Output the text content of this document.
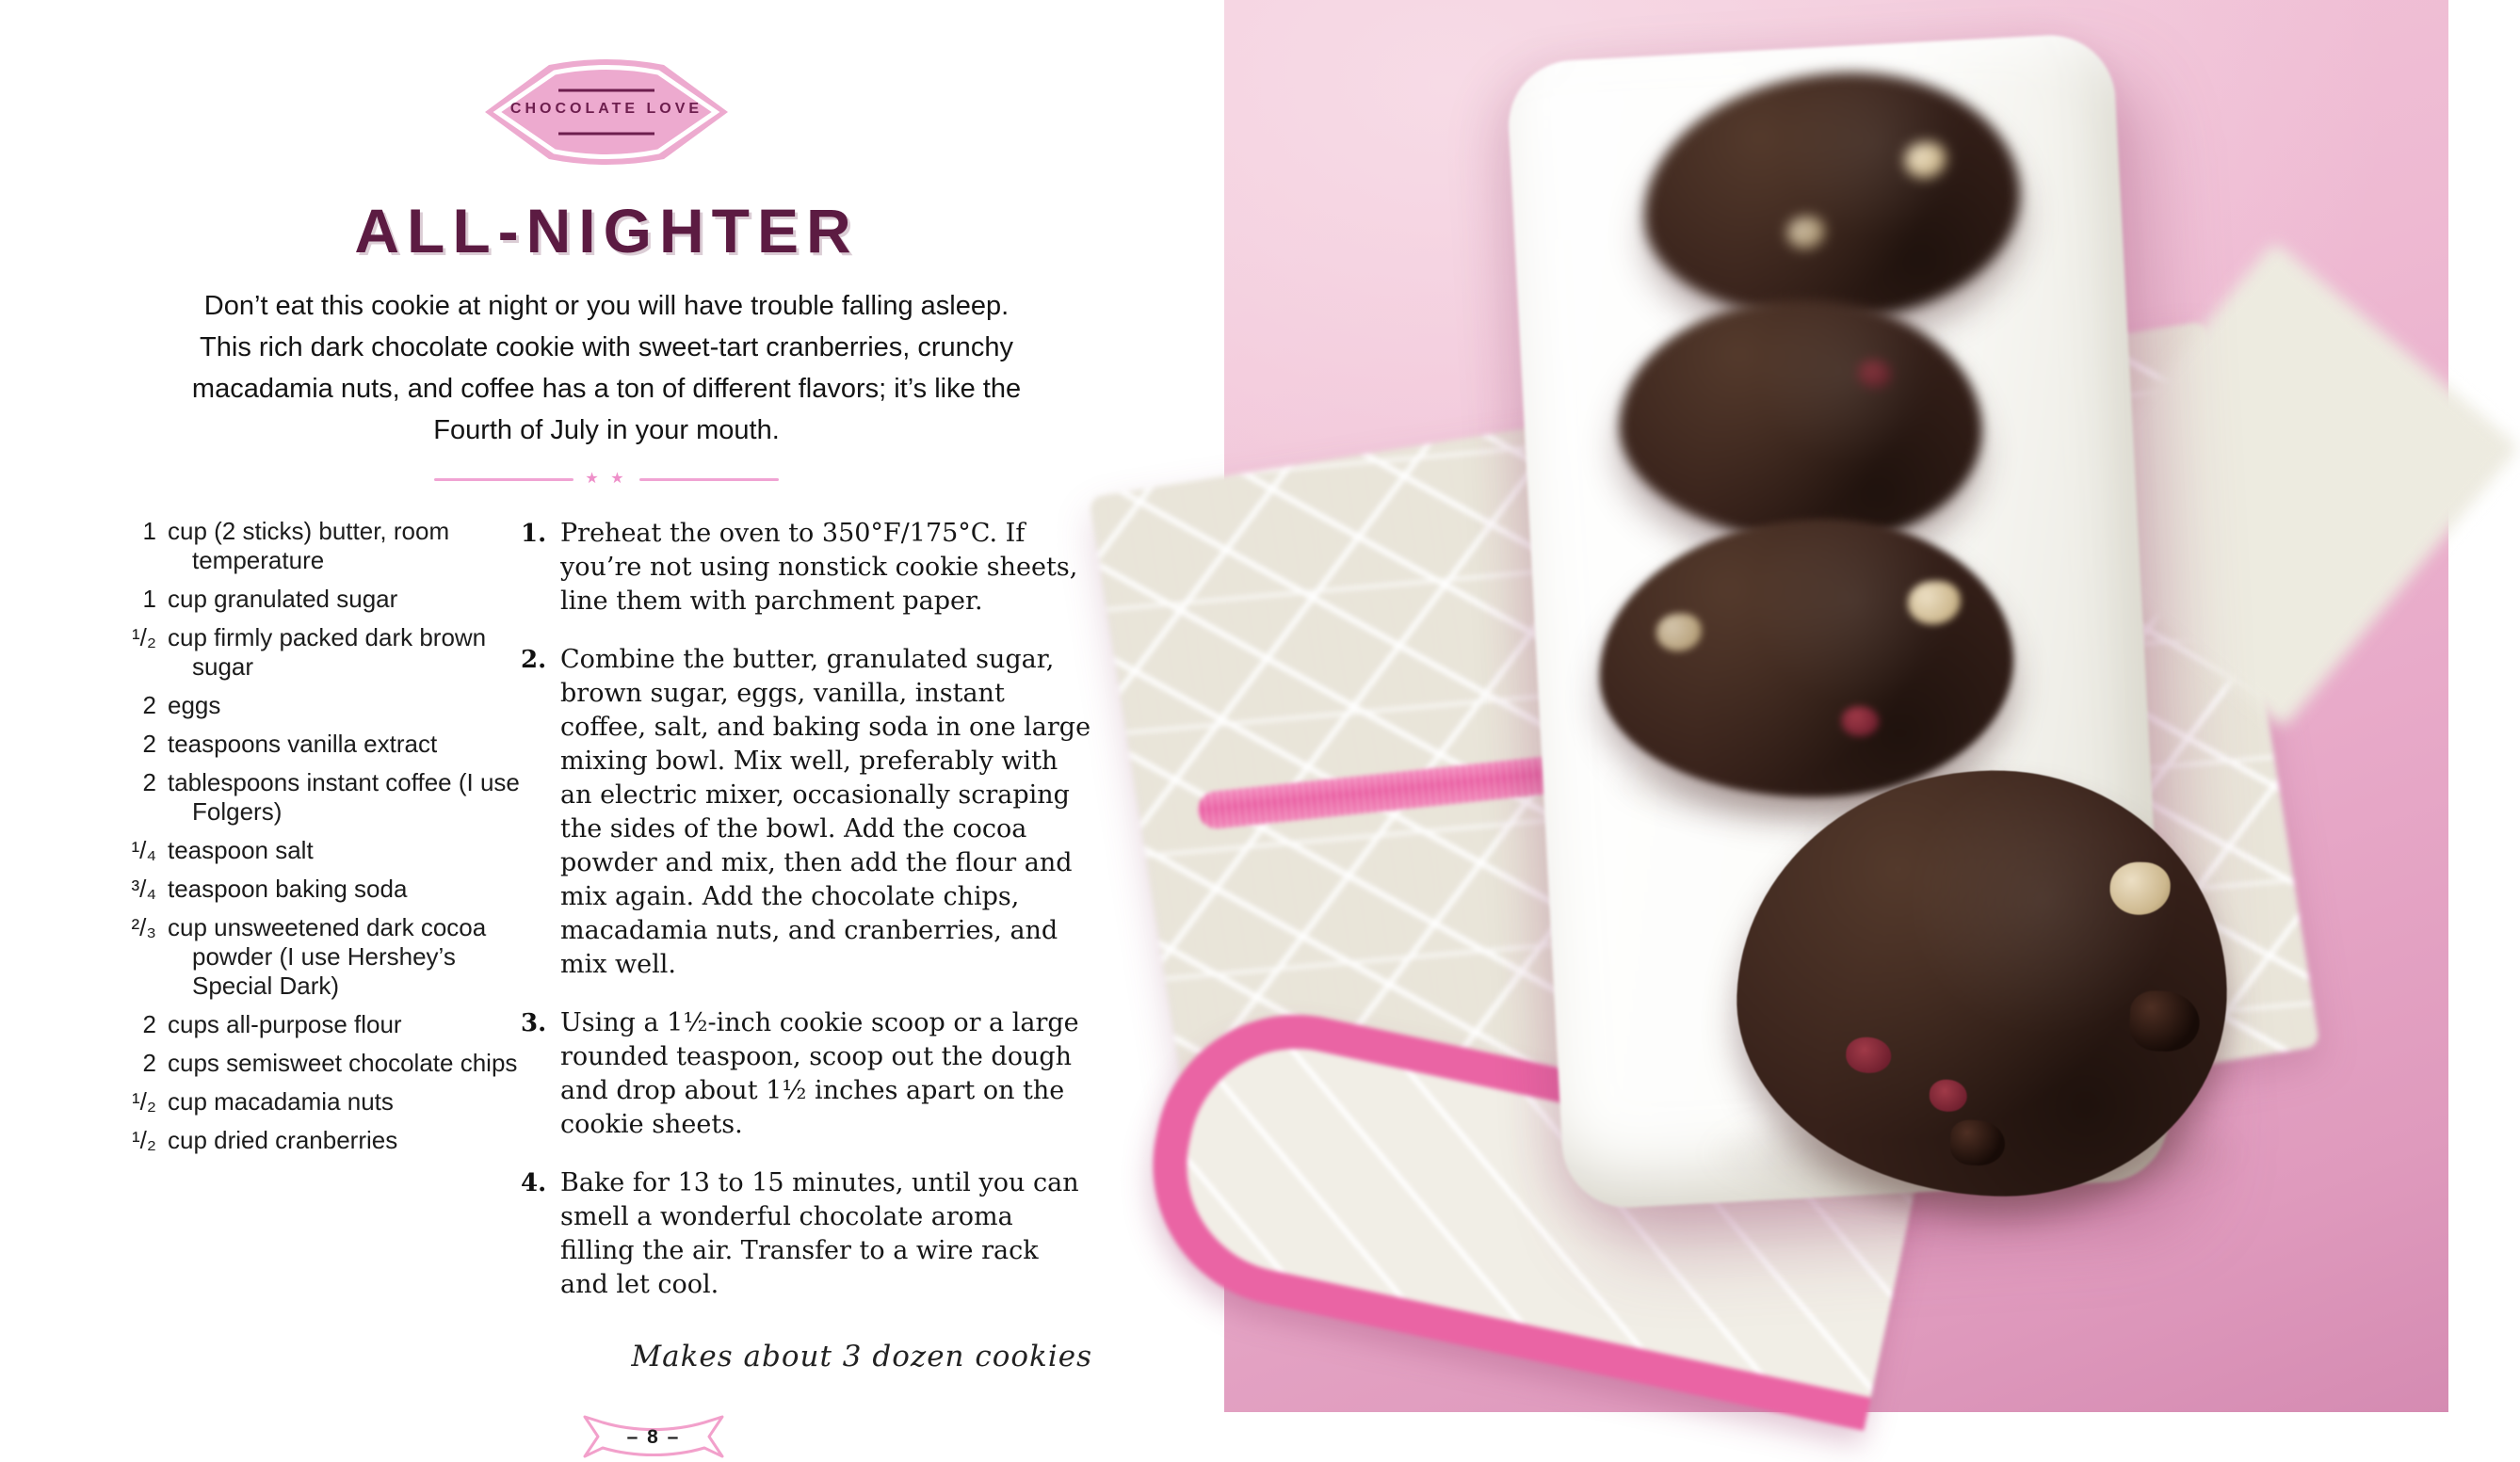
CHOCOLATE LOVE
ALL-NIGHTER
Don’t eat this cookie at night or you will have trouble falling asleep.
This rich dark chocolate cookie with sweet-tart cranberries, crunchy
macadamia nuts, and coffee has a ton of different flavors; it’s like the
Fourth of July in your mouth.
★ ★
1 cup (2 sticks) butter, room temperature
1 cup granulated sugar
¹/₂ cup firmly packed dark brown sugar
2 eggs
2 teaspoons vanilla extract
2 tablespoons instant coffee (I use Folgers)
¹/₄ teaspoon salt
³/₄ teaspoon baking soda
²/₃ cup unsweetened dark cocoa powder (I use Hershey’s Special Dark)
2 cups all-purpose flour
2 cups semisweet chocolate chips
¹/₂ cup macadamia nuts
¹/₂ cup dried cranberries
1. Preheat the oven to 350°F/175°C. If you’re not using nonstick cookie sheets, line them with parchment paper.
2. Combine the butter, granulated sugar, brown sugar, eggs, vanilla, instant coffee, salt, and baking soda in one large mixing bowl. Mix well, preferably with an electric mixer, occasionally scraping the sides of the bowl. Add the cocoa powder and mix, then add the flour and mix again. Add the chocolate chips, macadamia nuts, and cranberries, and mix well.
3. Using a 1½-inch cookie scoop or a large rounded teaspoon, scoop out the dough and drop about 1½ inches apart on the cookie sheets.
4. Bake for 13 to 15 minutes, until you can smell a wonderful chocolate aroma filling the air. Transfer to a wire rack and let cool.

Makes about 3 dozen cookies

– 8 –
